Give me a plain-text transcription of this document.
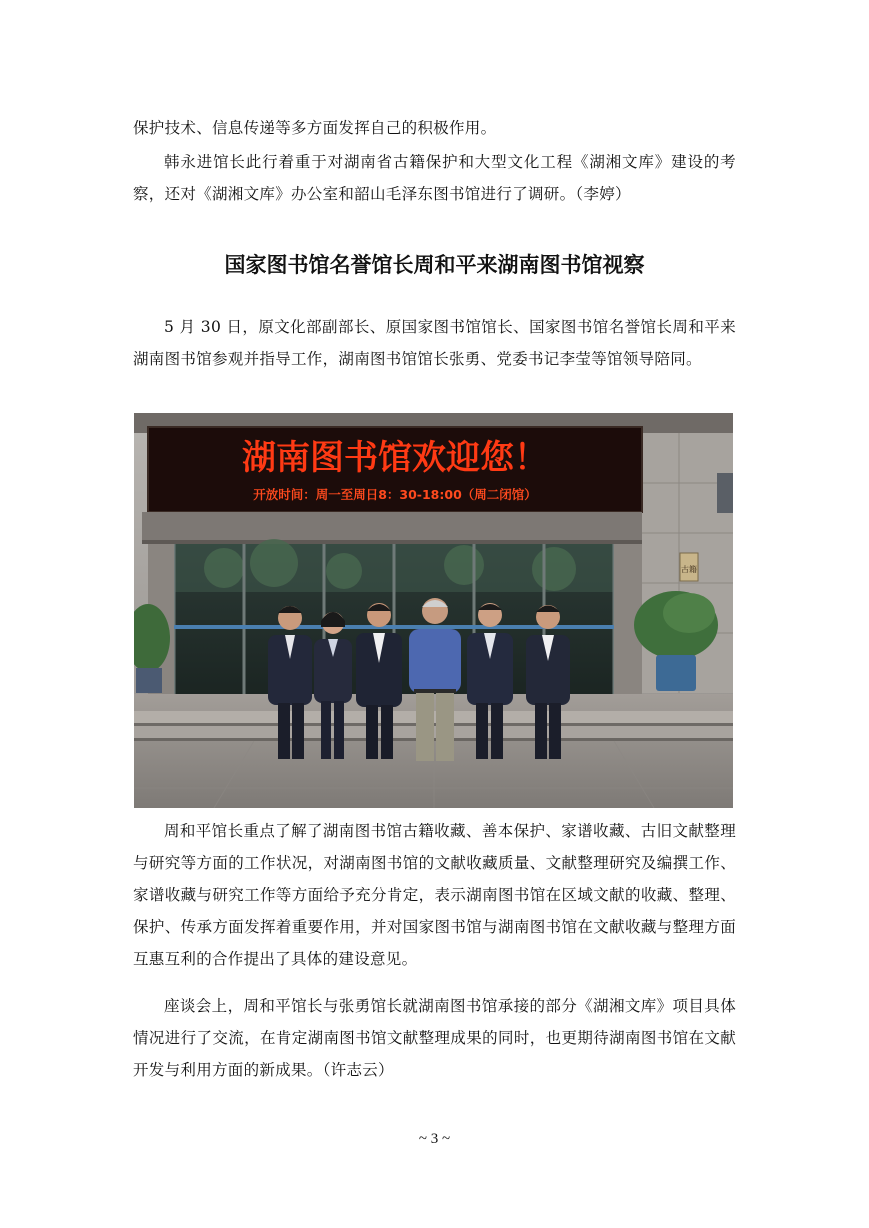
保护技术、信息传递等多方面发挥自己的积极作用。

韩永进馆长此行着重于对湖南省古籍保护和大型文化工程《湖湘文库》建设的考察，还对《湖湘文库》办公室和韶山毛泽东图书馆进行了调研。（李婷）

国家图书馆名誉馆长周和平来湖南图书馆视察

5 月 30 日，原文化部副部长、原国家图书馆馆长、国家图书馆名誉馆长周和平来湖南图书馆参观并指导工作，湖南图书馆馆长张勇、党委书记李莹等馆领导陪同。

湖南图书馆欢迎您！
开放时间：周一至周日8：30-18:00（周二闭馆）
古籍

周和平馆长重点了解了湖南图书馆古籍收藏、善本保护、家谱收藏、古旧文献整理与研究等方面的工作状况，对湖南图书馆的文献收藏质量、文献整理研究及编撰工作、家谱收藏与研究工作等方面给予充分肯定，表示湖南图书馆在区域文献的收藏、整理、保护、传承方面发挥着重要作用，并对国家图书馆与湖南图书馆在文献收藏与整理方面互惠互利的合作提出了具体的建设意见。

座谈会上，周和平馆长与张勇馆长就湖南图书馆承接的部分《湖湘文库》项目具体情况进行了交流，在肯定湖南图书馆文献整理成果的同时，也更期待湖南图书馆在文献开发与利用方面的新成果。（许志云）

~ 3 ~
